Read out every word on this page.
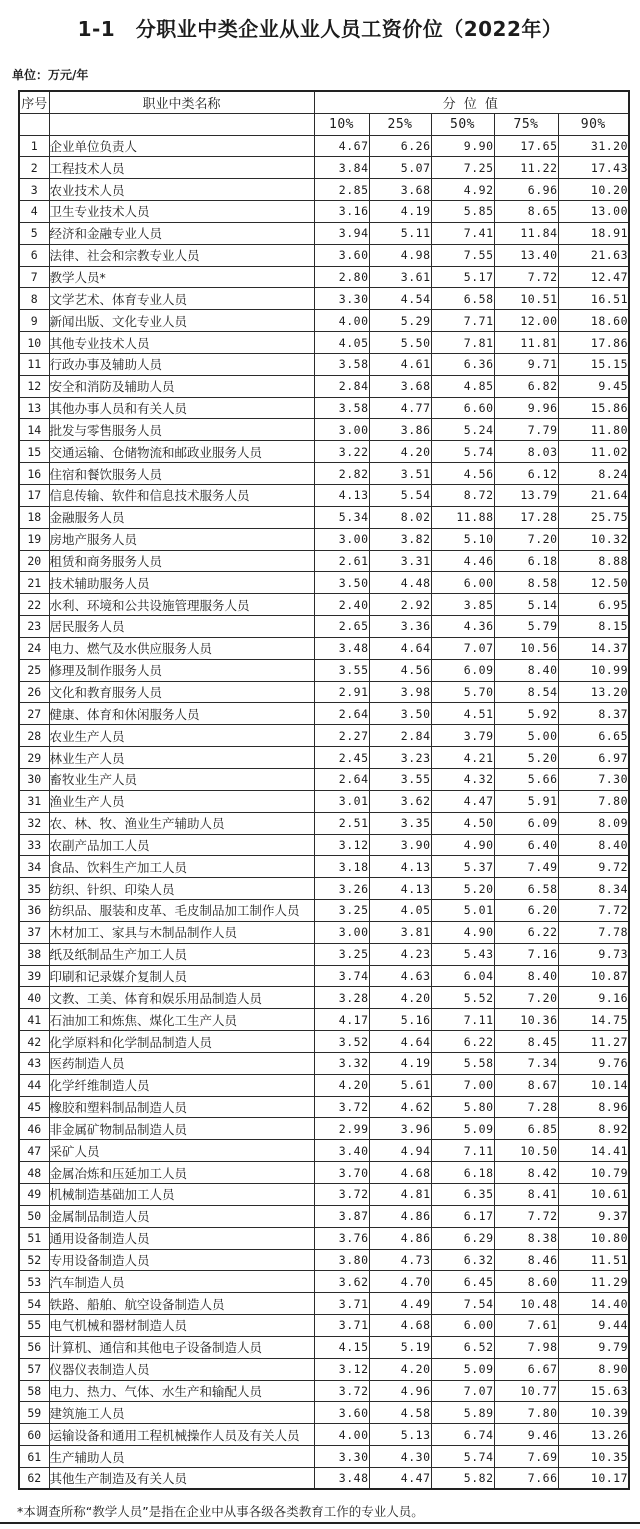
1-1　分职业中类企业从业人员工资价位（2022年）
单位：万元/年
序号	职业中类名称	分 位 值				
		10%	25%	50%	75%	90%
1	企业单位负责人	4.67	6.26	9.90	17.65	31.20
2	工程技术人员	3.84	5.07	7.25	11.22	17.43
3	农业技术人员	2.85	3.68	4.92	6.96	10.20
4	卫生专业技术人员	3.16	4.19	5.85	8.65	13.00
5	经济和金融专业人员	3.94	5.11	7.41	11.84	18.91
6	法律、社会和宗教专业人员	3.60	4.98	7.55	13.40	21.63
7	教学人员*	2.80	3.61	5.17	7.72	12.47
8	文学艺术、体育专业人员	3.30	4.54	6.58	10.51	16.51
9	新闻出版、文化专业人员	4.00	5.29	7.71	12.00	18.60
10	其他专业技术人员	4.05	5.50	7.81	11.81	17.86
11	行政办事及辅助人员	3.58	4.61	6.36	9.71	15.15
12	安全和消防及辅助人员	2.84	3.68	4.85	6.82	9.45
13	其他办事人员和有关人员	3.58	4.77	6.60	9.96	15.86
14	批发与零售服务人员	3.00	3.86	5.24	7.79	11.80
15	交通运输、仓储物流和邮政业服务人员	3.22	4.20	5.74	8.03	11.02
16	住宿和餐饮服务人员	2.82	3.51	4.56	6.12	8.24
17	信息传输、软件和信息技术服务人员	4.13	5.54	8.72	13.79	21.64
18	金融服务人员	5.34	8.02	11.88	17.28	25.75
19	房地产服务人员	3.00	3.82	5.10	7.20	10.32
20	租赁和商务服务人员	2.61	3.31	4.46	6.18	8.88
21	技术辅助服务人员	3.50	4.48	6.00	8.58	12.50
22	水利、环境和公共设施管理服务人员	2.40	2.92	3.85	5.14	6.95
23	居民服务人员	2.65	3.36	4.36	5.79	8.15
24	电力、燃气及水供应服务人员	3.48	4.64	7.07	10.56	14.37
25	修理及制作服务人员	3.55	4.56	6.09	8.40	10.99
26	文化和教育服务人员	2.91	3.98	5.70	8.54	13.20
27	健康、体育和休闲服务人员	2.64	3.50	4.51	5.92	8.37
28	农业生产人员	2.27	2.84	3.79	5.00	6.65
29	林业生产人员	2.45	3.23	4.21	5.20	6.97
30	畜牧业生产人员	2.64	3.55	4.32	5.66	7.30
31	渔业生产人员	3.01	3.62	4.47	5.91	7.80
32	农、林、牧、渔业生产辅助人员	2.51	3.35	4.50	6.09	8.09
33	农副产品加工人员	3.12	3.90	4.90	6.40	8.40
34	食品、饮料生产加工人员	3.18	4.13	5.37	7.49	9.72
35	纺织、针织、印染人员	3.26	4.13	5.20	6.58	8.34
36	纺织品、服装和皮革、毛皮制品加工制作人员	3.25	4.05	5.01	6.20	7.72
37	木材加工、家具与木制品制作人员	3.00	3.81	4.90	6.22	7.78
38	纸及纸制品生产加工人员	3.25	4.23	5.43	7.16	9.73
39	印刷和记录媒介复制人员	3.74	4.63	6.04	8.40	10.87
40	文教、工美、体育和娱乐用品制造人员	3.28	4.20	5.52	7.20	9.16
41	石油加工和炼焦、煤化工生产人员	4.17	5.16	7.11	10.36	14.75
42	化学原料和化学制品制造人员	3.52	4.64	6.22	8.45	11.27
43	医药制造人员	3.32	4.19	5.58	7.34	9.76
44	化学纤维制造人员	4.20	5.61	7.00	8.67	10.14
45	橡胶和塑料制品制造人员	3.72	4.62	5.80	7.28	8.96
46	非金属矿物制品制造人员	2.99	3.96	5.09	6.85	8.92
47	采矿人员	3.40	4.94	7.11	10.50	14.41
48	金属冶炼和压延加工人员	3.70	4.68	6.18	8.42	10.79
49	机械制造基础加工人员	3.72	4.81	6.35	8.41	10.61
50	金属制品制造人员	3.87	4.86	6.17	7.72	9.37
51	通用设备制造人员	3.76	4.86	6.29	8.38	10.80
52	专用设备制造人员	3.80	4.73	6.32	8.46	11.51
53	汽车制造人员	3.62	4.70	6.45	8.60	11.29
54	铁路、船舶、航空设备制造人员	3.71	4.49	7.54	10.48	14.40
55	电气机械和器材制造人员	3.71	4.68	6.00	7.61	9.44
56	计算机、通信和其他电子设备制造人员	4.15	5.19	6.52	7.98	9.79
57	仪器仪表制造人员	3.12	4.20	5.09	6.67	8.90
58	电力、热力、气体、水生产和输配人员	3.72	4.96	7.07	10.77	15.63
59	建筑施工人员	3.60	4.58	5.89	7.80	10.39
60	运输设备和通用工程机械操作人员及有关人员	4.00	5.13	6.74	9.46	13.26
61	生产辅助人员	3.30	4.30	5.74	7.69	10.35
62	其他生产制造及有关人员	3.48	4.47	5.82	7.66	10.17
*本调查所称“教学人员”是指在企业中从事各级各类教育工作的专业人员。
